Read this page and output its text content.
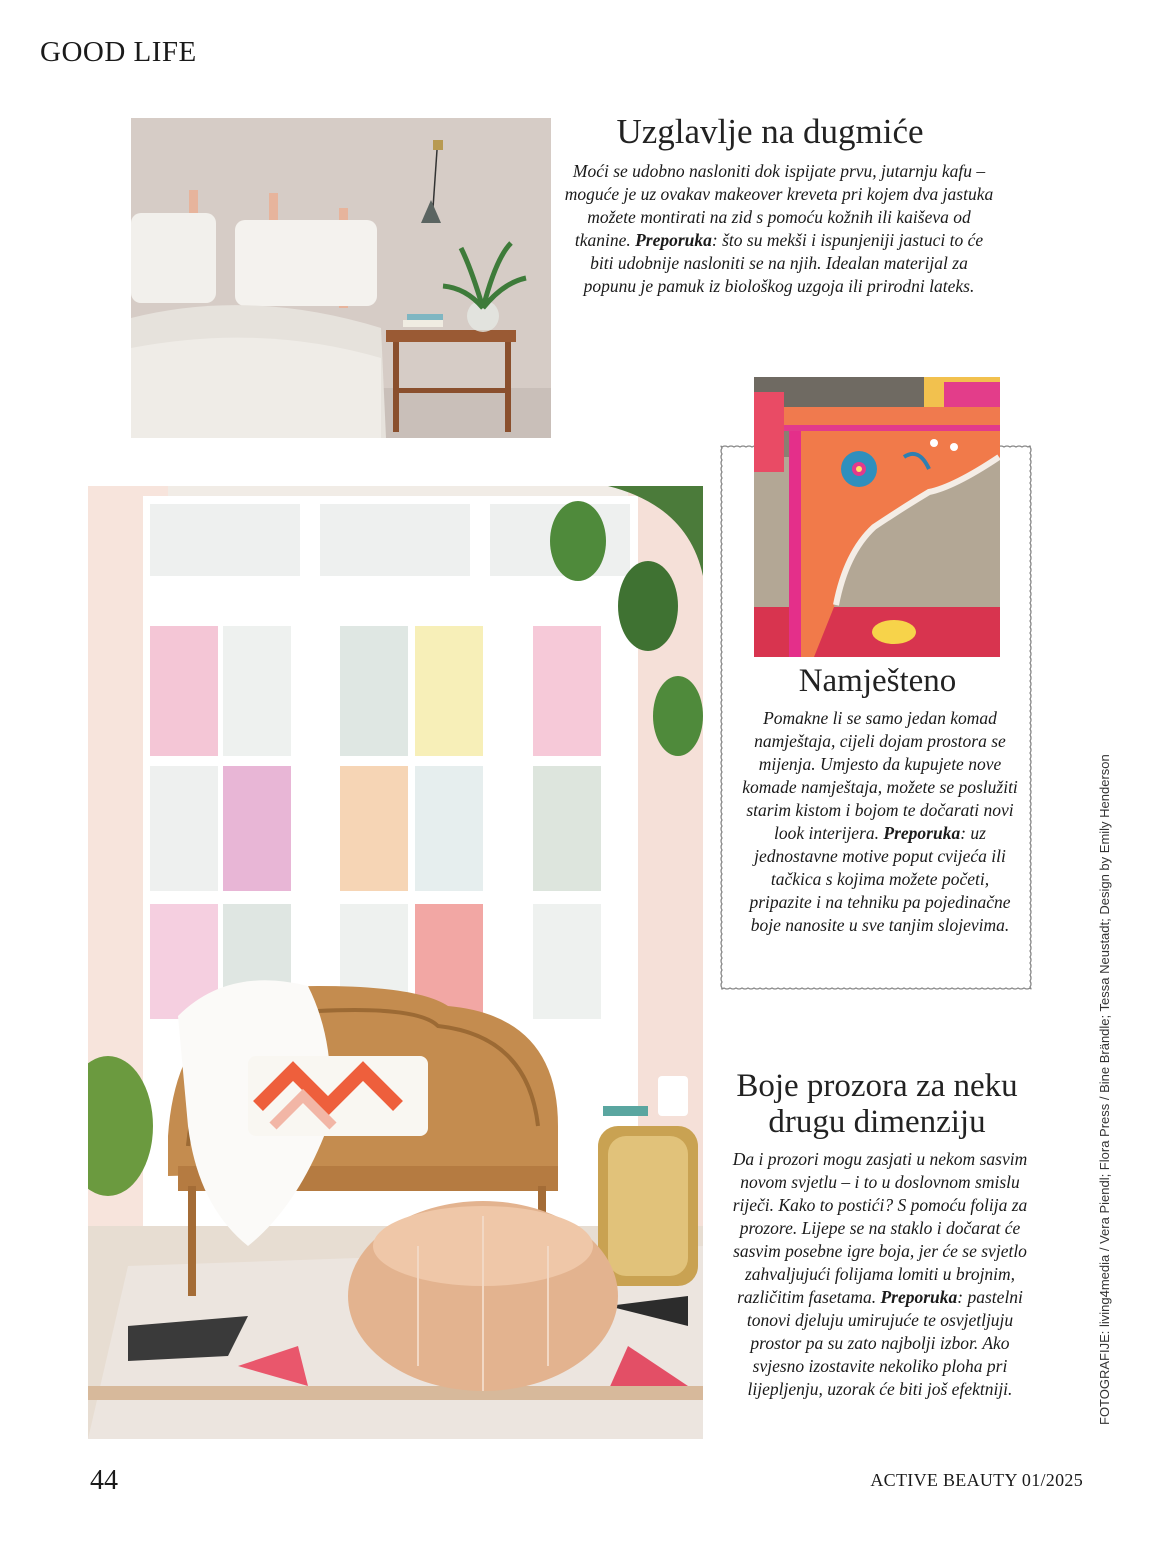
GOOD LIFE
Uzglavlje na dugmiće

Moći se udobno nasloniti dok ispijate prvu, jutarnju kafu – moguće je uz ovakav makeover kreveta pri kojem dva jastuka možete montirati na zid s pomoću kožnih ili kaiševa od tkanine. Preporuka: što su mekši i ispunjeniji jastuci to će biti udobnije nasloniti se na njih. Idealan materijal za popunu je pamuk iz biološkog uzgoja ili prirodni lateks.

Namješteno

Pomakne li se samo jedan komad namještaja, cijeli dojam prostora se mijenja. Umjesto da kupujete nove komade namještaja, možete se poslužiti starim kistom i bojom te dočarati novi look interijera. Preporuka: uz jednostavne motive poput cvijeća ili tačkica s kojima možete početi, pripazite i na tehniku pa pojedinačne boje nanosite u sve tanjim slojevima.

Boje prozora za neku drugu dimenziju

Da i prozori mogu zasjati u nekom sasvim novom svjetlu – i to u doslovnom smislu riječi. Kako to postići? S pomoću folija za prozore. Lijepe se na staklo i dočarat će sasvim posebne igre boja, jer će se svjetlo zahvaljujući folijama lomiti u brojnim, različitim fasetama. Preporuka: pastelni tonovi djeluju umirujuće te osvjetljuju prostor pa su zato najbolji izbor. Ako svjesno izostavite nekoliko ploha pri lijepljenju, uzorak će biti još efektniji.	FOTOGRAFIJE: living4media / Vera Piendl; Flora Press / Bine Brändle; Tessa Neustadt; Design by Emily Henderson
44	ACTIVE BEAUTY 01/2025
